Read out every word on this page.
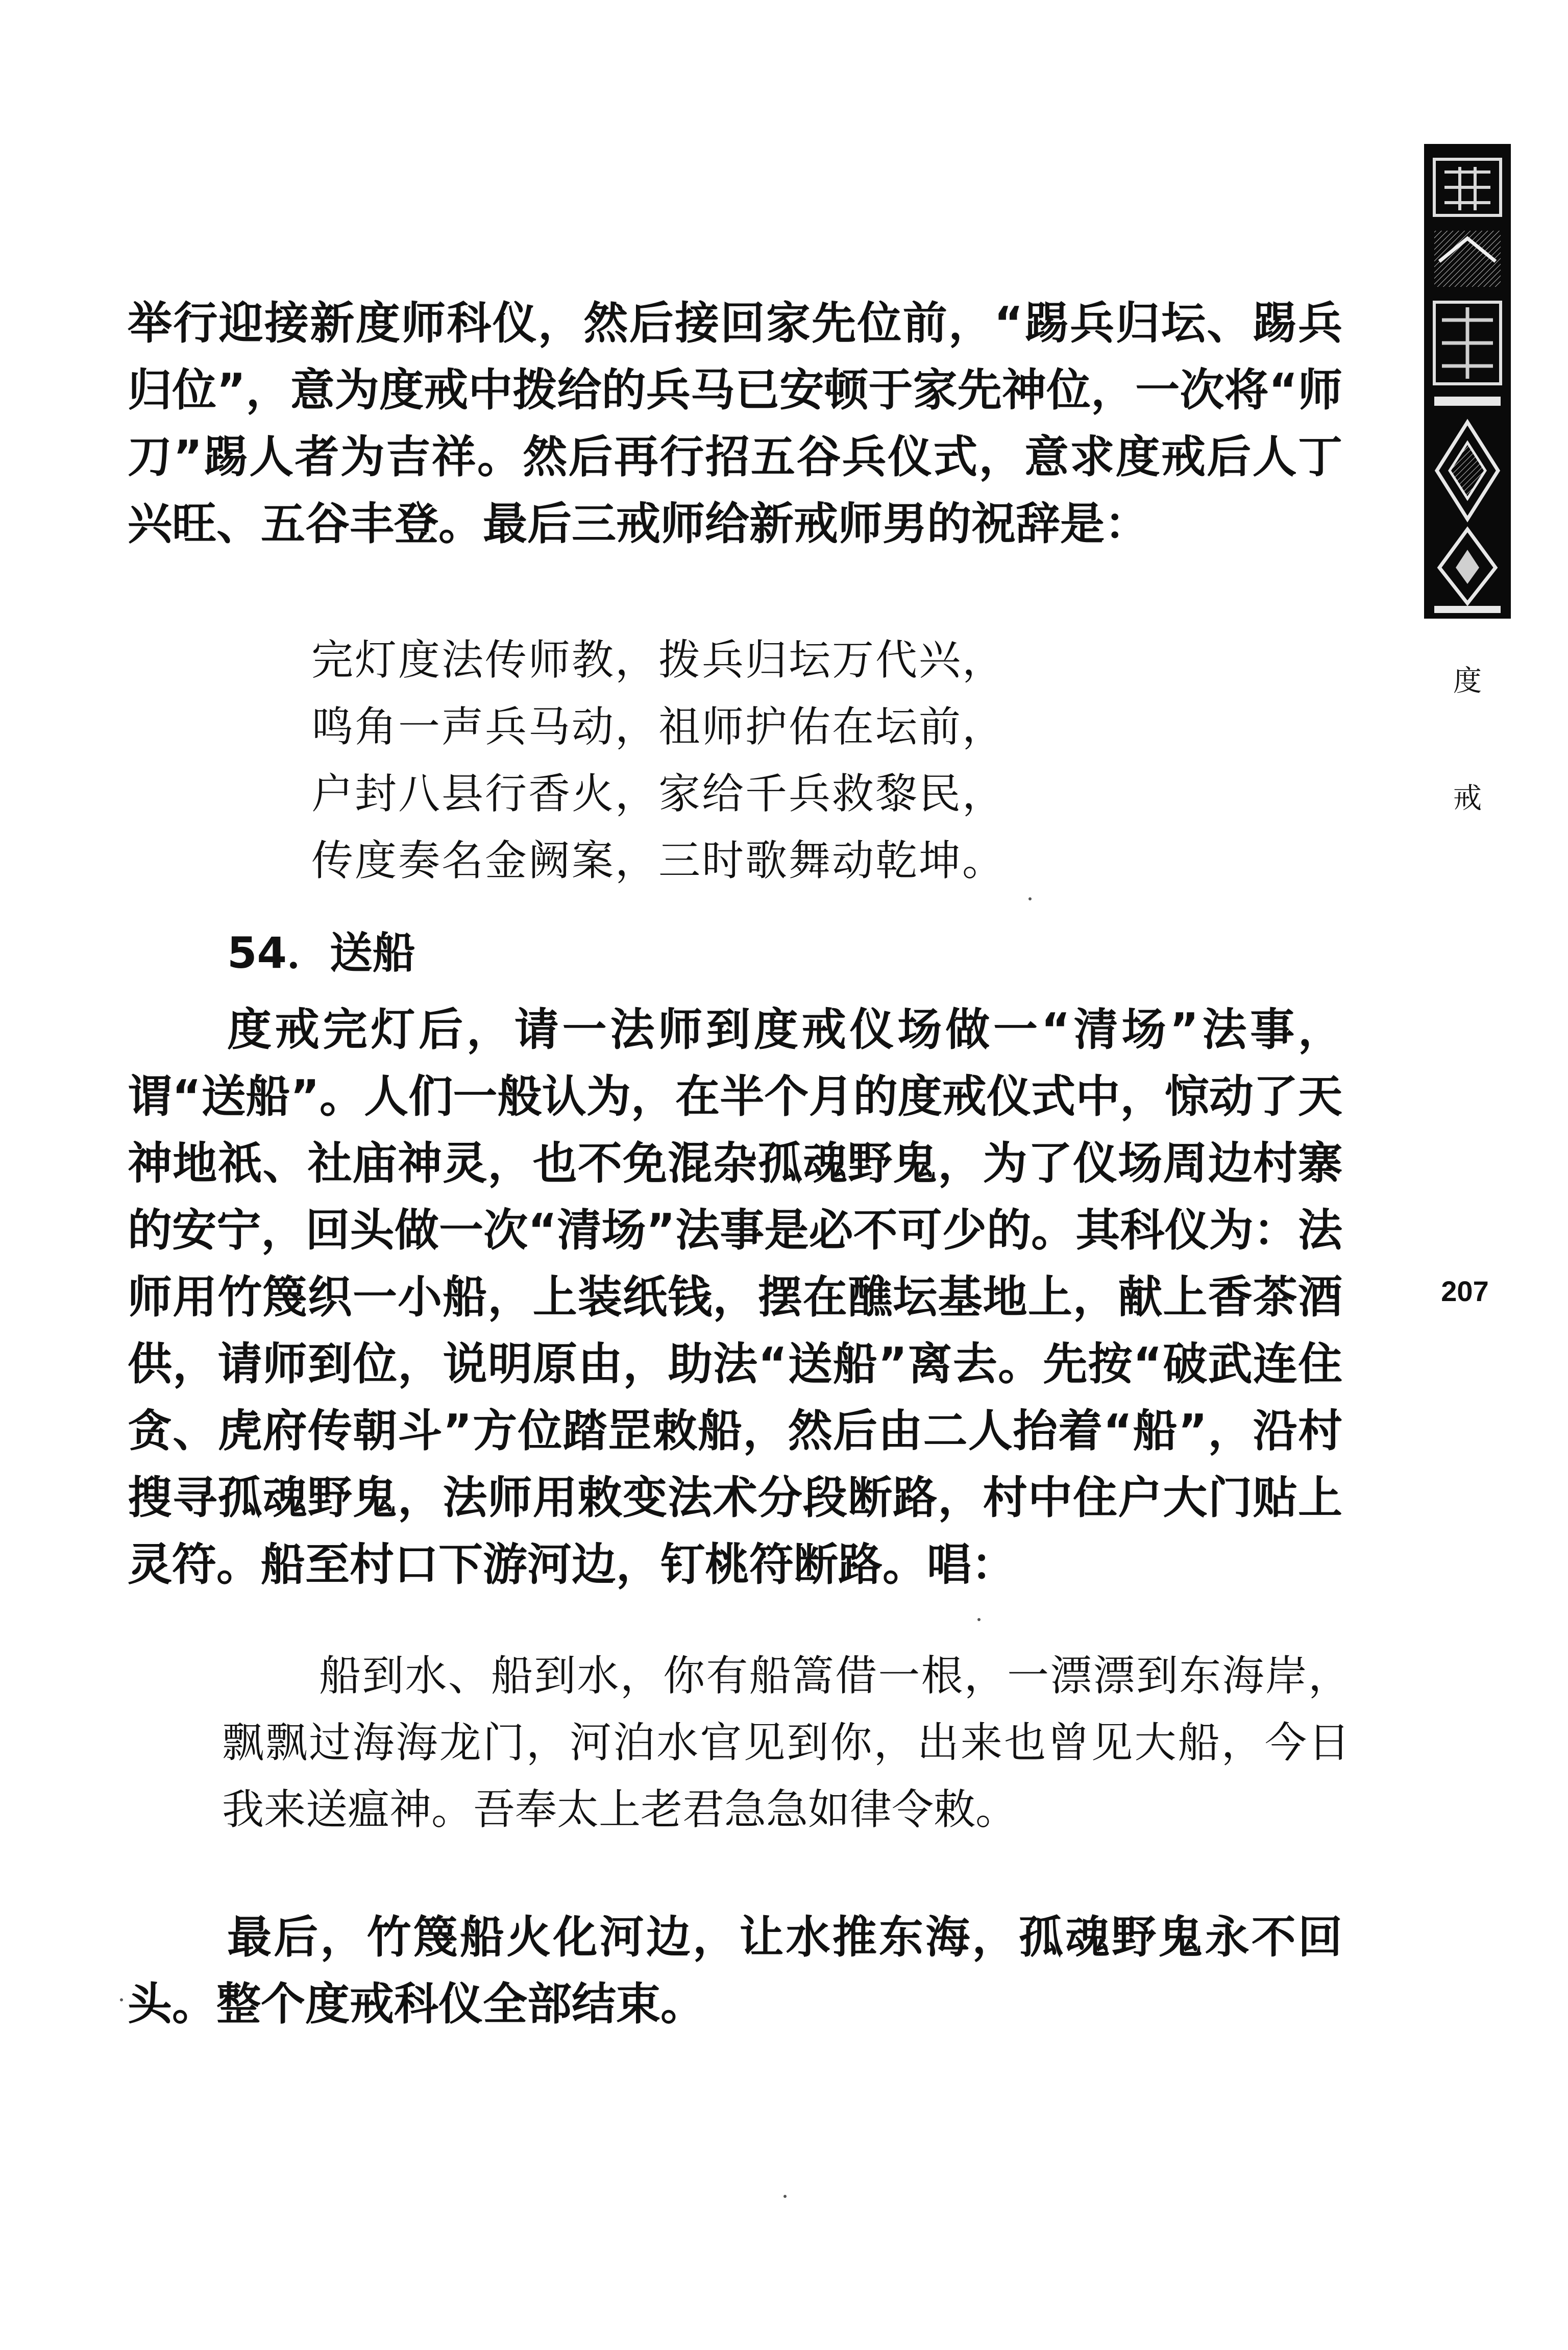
举行迎接新度师科仪，然后接回家先位前，“踢兵归坛、踢兵归位”，意为度戒中拨给的兵马已安顿于家先神位，一次将“师刀”踢人者为吉祥。然后再行招五谷兵仪式，意求度戒后人丁兴旺、五谷丰登。最后三戒师给新戒师男的祝辞是：

完灯度法传师教，拨兵归坛万代兴，
鸣角一声兵马动，祖师护佑在坛前，
户封八县行香火，家给千兵救黎民，
传度奏名金阙案，三时歌舞动乾坤。
54．送船

度戒完灯后，请一法师到度戒仪场做一“清场”法事，谓“送船”。人们一般认为，在半个月的度戒仪式中，惊动了天神地祇、社庙神灵，也不免混杂孤魂野鬼，为了仪场周边村寨的安宁，回头做一次“清场”法事是必不可少的。其科仪为：法师用竹篾织一小船，上装纸钱，摆在醮坛基地上，献上香茶酒供，请师到位，说明原由，助法“送船”离去。先按“破武连住贪、虎府传朝斗”方位踏罡敕船，然后由二人抬着“船”，沿村搜寻孤魂野鬼，法师用敕变法术分段断路，村中住户大门贴上灵符。船至村口下游河边，钉桃符断路。唱：

船到水、船到水，你有船篙借一根，一漂漂到东海岸，飘飘过海海龙门，河泊水官见到你，出来也曾见大船，今日我来送瘟神。吾奉太上老君急急如律令敕。

最后，竹篾船火化河边，让水推东海，孤魂野鬼永不回头。整个度戒科仪全部结束。

度
戒
207
